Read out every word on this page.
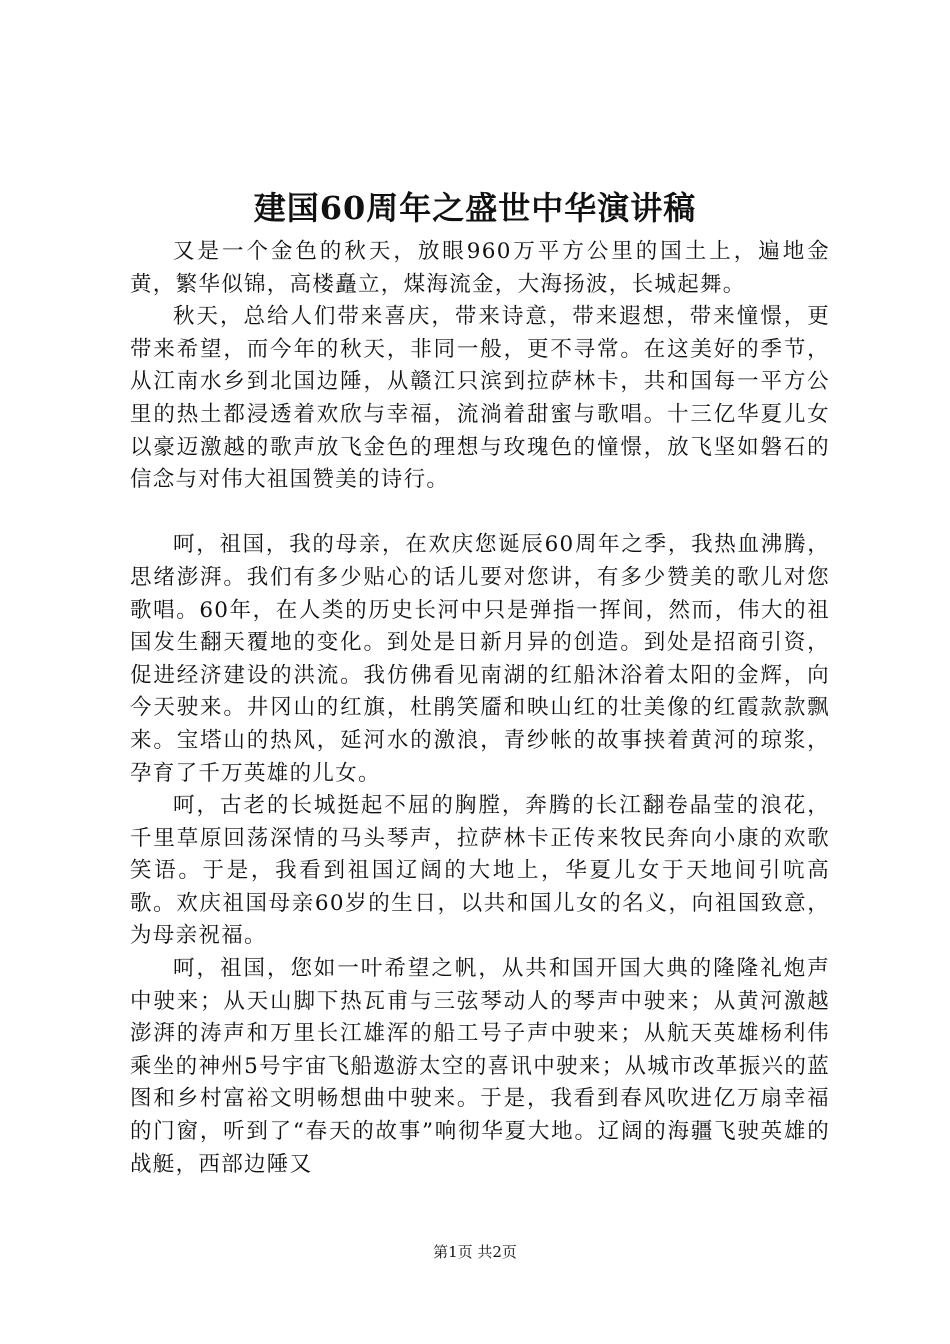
建国60周年之盛世中华演讲稿

又是一个金色的秋天，放眼960万平方公里的国土上，遍地金黄，繁华似锦，高楼矗立，煤海流金，大海扬波，长城起舞。

秋天，总给人们带来喜庆，带来诗意，带来遐想，带来憧憬，更带来希望，而今年的秋天，非同一般，更不寻常。在这美好的季节，从江南水乡到北国边陲，从赣江只滨到拉萨林卡，共和国每一平方公里的热土都浸透着欢欣与幸福，流淌着甜蜜与歌唱。十三亿华夏儿女以豪迈激越的歌声放飞金色的理想与玫瑰色的憧憬，放飞坚如磐石的信念与对伟大祖国赞美的诗行。

呵，祖国，我的母亲，在欢庆您诞辰60周年之季，我热血沸腾，思绪澎湃。我们有多少贴心的话儿要对您讲，有多少赞美的歌儿对您歌唱。60年，在人类的历史长河中只是弹指一挥间，然而，伟大的祖国发生翻天覆地的变化。到处是日新月异的创造。到处是招商引资，促进经济建设的洪流。我仿佛看见南湖的红船沐浴着太阳的金辉，向今天驶来。井冈山的红旗，杜鹃笑靥和映山红的壮美像的红霞款款飘来。宝塔山的热风，延河水的激浪，青纱帐的故事挟着黄河的琼浆，孕育了千万英雄的儿女。

呵，古老的长城挺起不屈的胸膛，奔腾的长江翻卷晶莹的浪花，千里草原回荡深情的马头琴声，拉萨林卡正传来牧民奔向小康的欢歌笑语。于是，我看到祖国辽阔的大地上，华夏儿女于天地间引吭高歌。欢庆祖国母亲60岁的生日，以共和国儿女的名义，向祖国致意，为母亲祝福。

呵，祖国，您如一叶希望之帆，从共和国开国大典的隆隆礼炮声中驶来；从天山脚下热瓦甫与三弦琴动人的琴声中驶来；从黄河激越澎湃的涛声和万里长江雄浑的船工号子声中驶来；从航天英雄杨利伟乘坐的神州5号宇宙飞船遨游太空的喜讯中驶来；从城市改革振兴的蓝图和乡村富裕文明畅想曲中驶来。于是，我看到春风吹进亿万扇幸福的门窗，听到了“春天的故事”响彻华夏大地。辽阔的海疆飞驶英雄的战艇，西部边陲又

第1页 共2页
